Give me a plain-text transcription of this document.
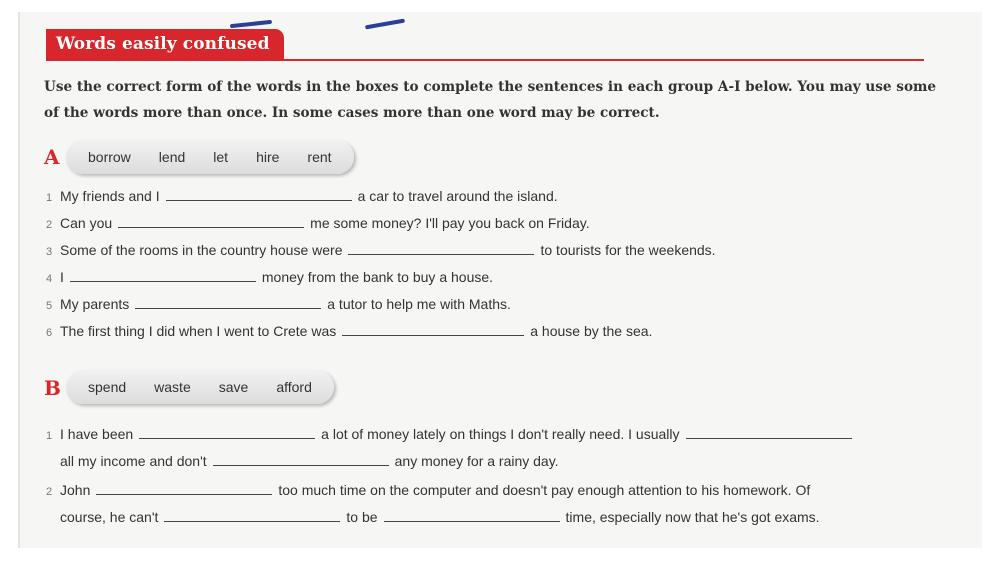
Words easily confused
Use the correct form of the words in the boxes to complete the sentences in each group A-I below. You may use some of the words more than once. In some cases more than one word may be correct.
A borrow lend let hire rent
1 My friends and I	a car to travel around the island.
2 Can you	me some money? I'll pay you back on Friday.
3 Some of the rooms in the country house were	to tourists for the weekends.
4 I	money from the bank to buy a house.
5 My parents	a tutor to help me with Maths.
6 The first thing I did when I went to Crete was	a house by the sea.
B spend waste save afford
1 I have been	a lot of money lately on things I don't really need. I usually
all my income and don't	any money for a rainy day.
2 John	too much time on the computer and doesn't pay enough attention to his homework. Of
course, he can't	to be	time, especially now that he's got exams.
